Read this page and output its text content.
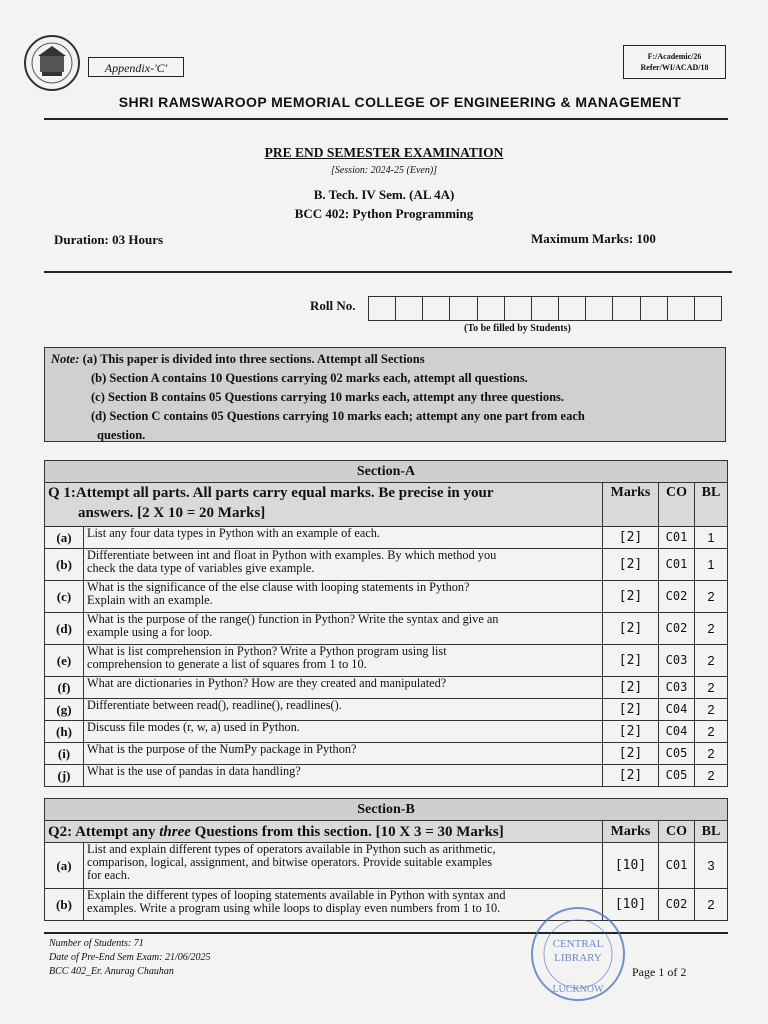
Appendix-'C'
F:/Academic/26
Refer/WI/ACAD/18
SHRI RAMSWAROOP MEMORIAL COLLEGE OF ENGINEERING & MANAGEMENT
PRE END SEMESTER EXAMINATION
[Session: 2024-25 (Even)]
B. Tech. IV Sem. (AL 4A)
BCC 402: Python Programming
Duration: 03 Hours	Maximum Marks: 100
Roll No.
(To be filled by Students)
Note: (a) This paper is divided into three sections. Attempt all Sections
(b) Section A contains 10 Questions carrying 02 marks each, attempt all questions.
(c) Section B contains 05 Questions carrying 10 marks each, attempt any three questions.
(d) Section C contains 05 Questions carrying 10 marks each; attempt any one part from each
question.
Section-A				

Q 1:Attempt all parts. All parts carry equal marks. Be precise in your
answers. [2 X 10 = 20 Marks]		Marks	CO	BL
(a)	List any four data types in Python with an example of each.	[2]	C01	1
(b)	Differentiate between int and float in Python with examples. By which method you
check the data type of variables give example.	[2]	C01	1
(c)	What is the significance of the else clause with looping statements in Python?
Explain with an example.	[2]	C02	2
(d)	What is the purpose of the range() function in Python? Write the syntax and give an
example using a for loop.	[2]	C02	2
(e)	What is list comprehension in Python? Write a Python program using list
comprehension to generate a list of squares from 1 to 10.	[2]	C03	2
(f)	What are dictionaries in Python? How are they created and manipulated?	[2]	C03	2
(g)	Differentiate between read(), readline(), readlines().	[2]	C04	2
(h)	Discuss file modes (r, w, a) used in Python.	[2]	C04	2
(i)	What is the purpose of the NumPy package in Python?	[2]	C05	2
(j)	What is the use of pandas in data handling?	[2]	C05	2
Section-B				
Q2: Attempt any three Questions from this section. [10 X 3 = 30 Marks]		Marks	CO	BL
(a)	List and explain different types of operators available in Python such as arithmetic,
comparison, logical, assignment, and bitwise operators. Provide suitable examples
for each.	[10]	C01	3
(b)	Explain the different types of looping statements available in Python with syntax and
examples. Write a program using while loops to display even numbers from 1 to 10.	[10]	C02	2
Number of Students: 71
Date of Pre-End Sem Exam: 21/06/2025
BCC 402_Er. Anurag Chauhan	Page 1 of 2
CENTRAL
LIBRARY
LUCKNOW
